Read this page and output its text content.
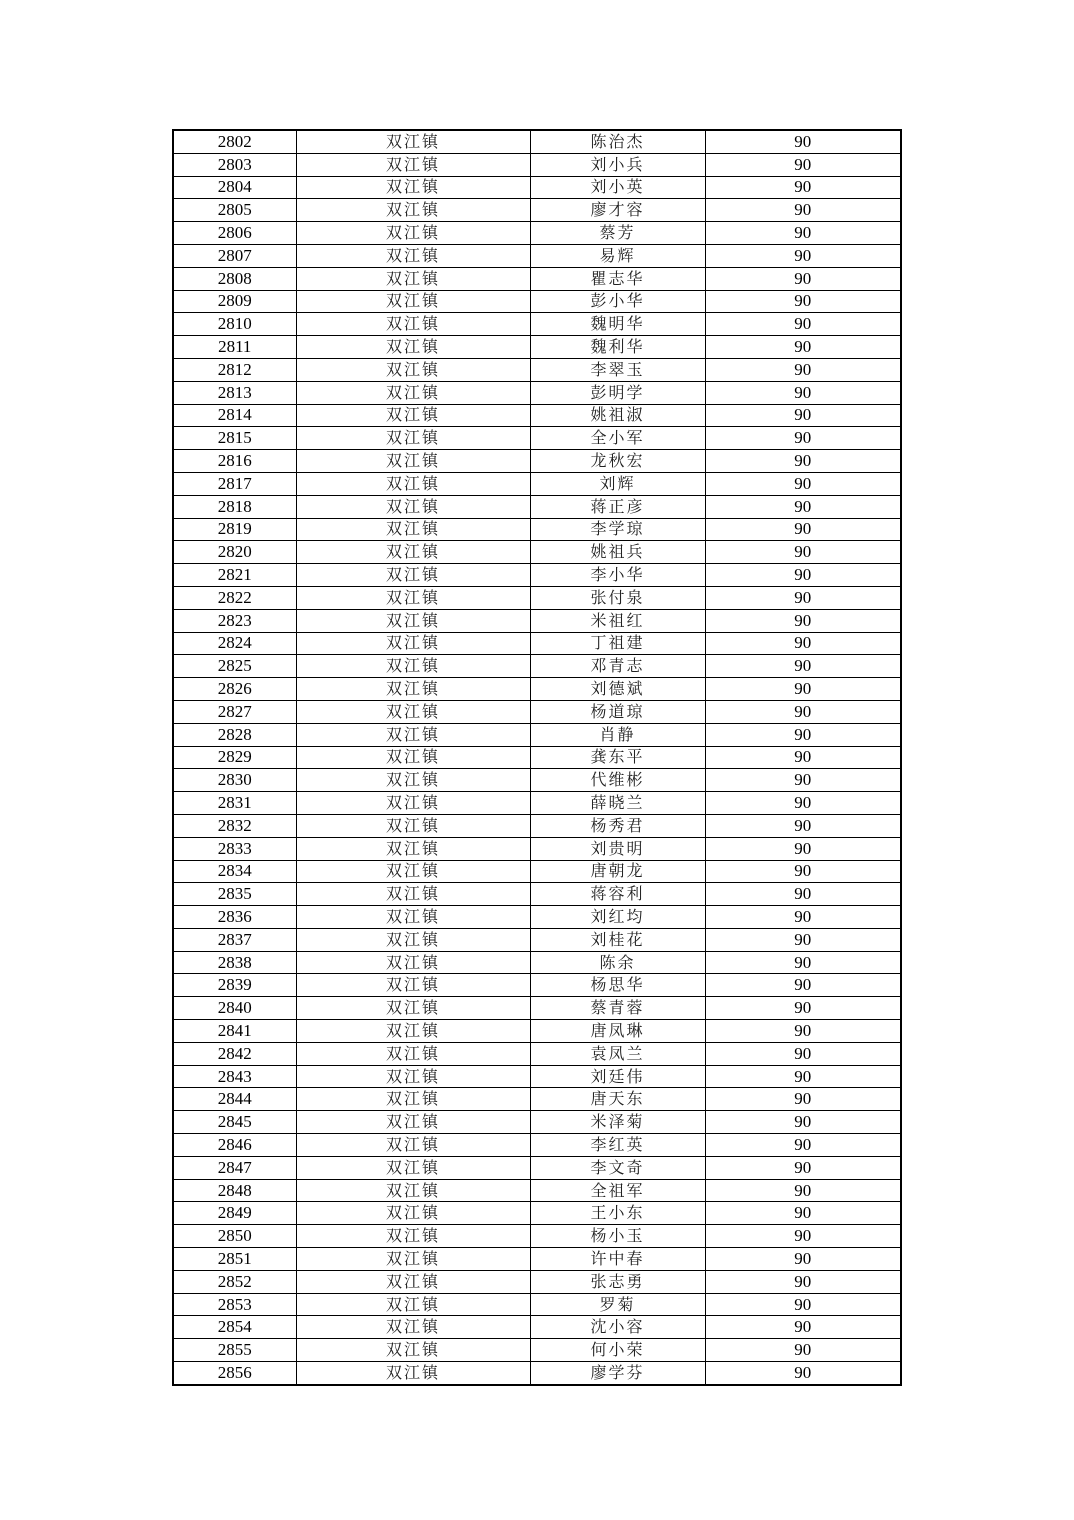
2802	双江镇	陈治杰	90
2803	双江镇	刘小兵	90
2804	双江镇	刘小英	90
2805	双江镇	廖才容	90
2806	双江镇	蔡芳	90
2807	双江镇	易辉	90
2808	双江镇	瞿志华	90
2809	双江镇	彭小华	90
2810	双江镇	魏明华	90
2811	双江镇	魏利华	90
2812	双江镇	李翠玉	90
2813	双江镇	彭明学	90
2814	双江镇	姚祖淑	90
2815	双江镇	全小军	90
2816	双江镇	龙秋宏	90
2817	双江镇	刘辉	90
2818	双江镇	蒋正彦	90
2819	双江镇	李学琼	90
2820	双江镇	姚祖兵	90
2821	双江镇	李小华	90
2822	双江镇	张付泉	90
2823	双江镇	米祖红	90
2824	双江镇	丁祖建	90
2825	双江镇	邓青志	90
2826	双江镇	刘德斌	90
2827	双江镇	杨道琼	90
2828	双江镇	肖静	90
2829	双江镇	龚东平	90
2830	双江镇	代维彬	90
2831	双江镇	薛晓兰	90
2832	双江镇	杨秀君	90
2833	双江镇	刘贵明	90
2834	双江镇	唐朝龙	90
2835	双江镇	蒋容利	90
2836	双江镇	刘红均	90
2837	双江镇	刘桂花	90
2838	双江镇	陈余	90
2839	双江镇	杨思华	90
2840	双江镇	蔡青蓉	90
2841	双江镇	唐凤琳	90
2842	双江镇	袁凤兰	90
2843	双江镇	刘廷伟	90
2844	双江镇	唐天东	90
2845	双江镇	米泽菊	90
2846	双江镇	李红英	90
2847	双江镇	李文奇	90
2848	双江镇	全祖军	90
2849	双江镇	王小东	90
2850	双江镇	杨小玉	90
2851	双江镇	许中春	90
2852	双江镇	张志勇	90
2853	双江镇	罗菊	90
2854	双江镇	沈小容	90
2855	双江镇	何小荣	90
2856	双江镇	廖学芬	90
